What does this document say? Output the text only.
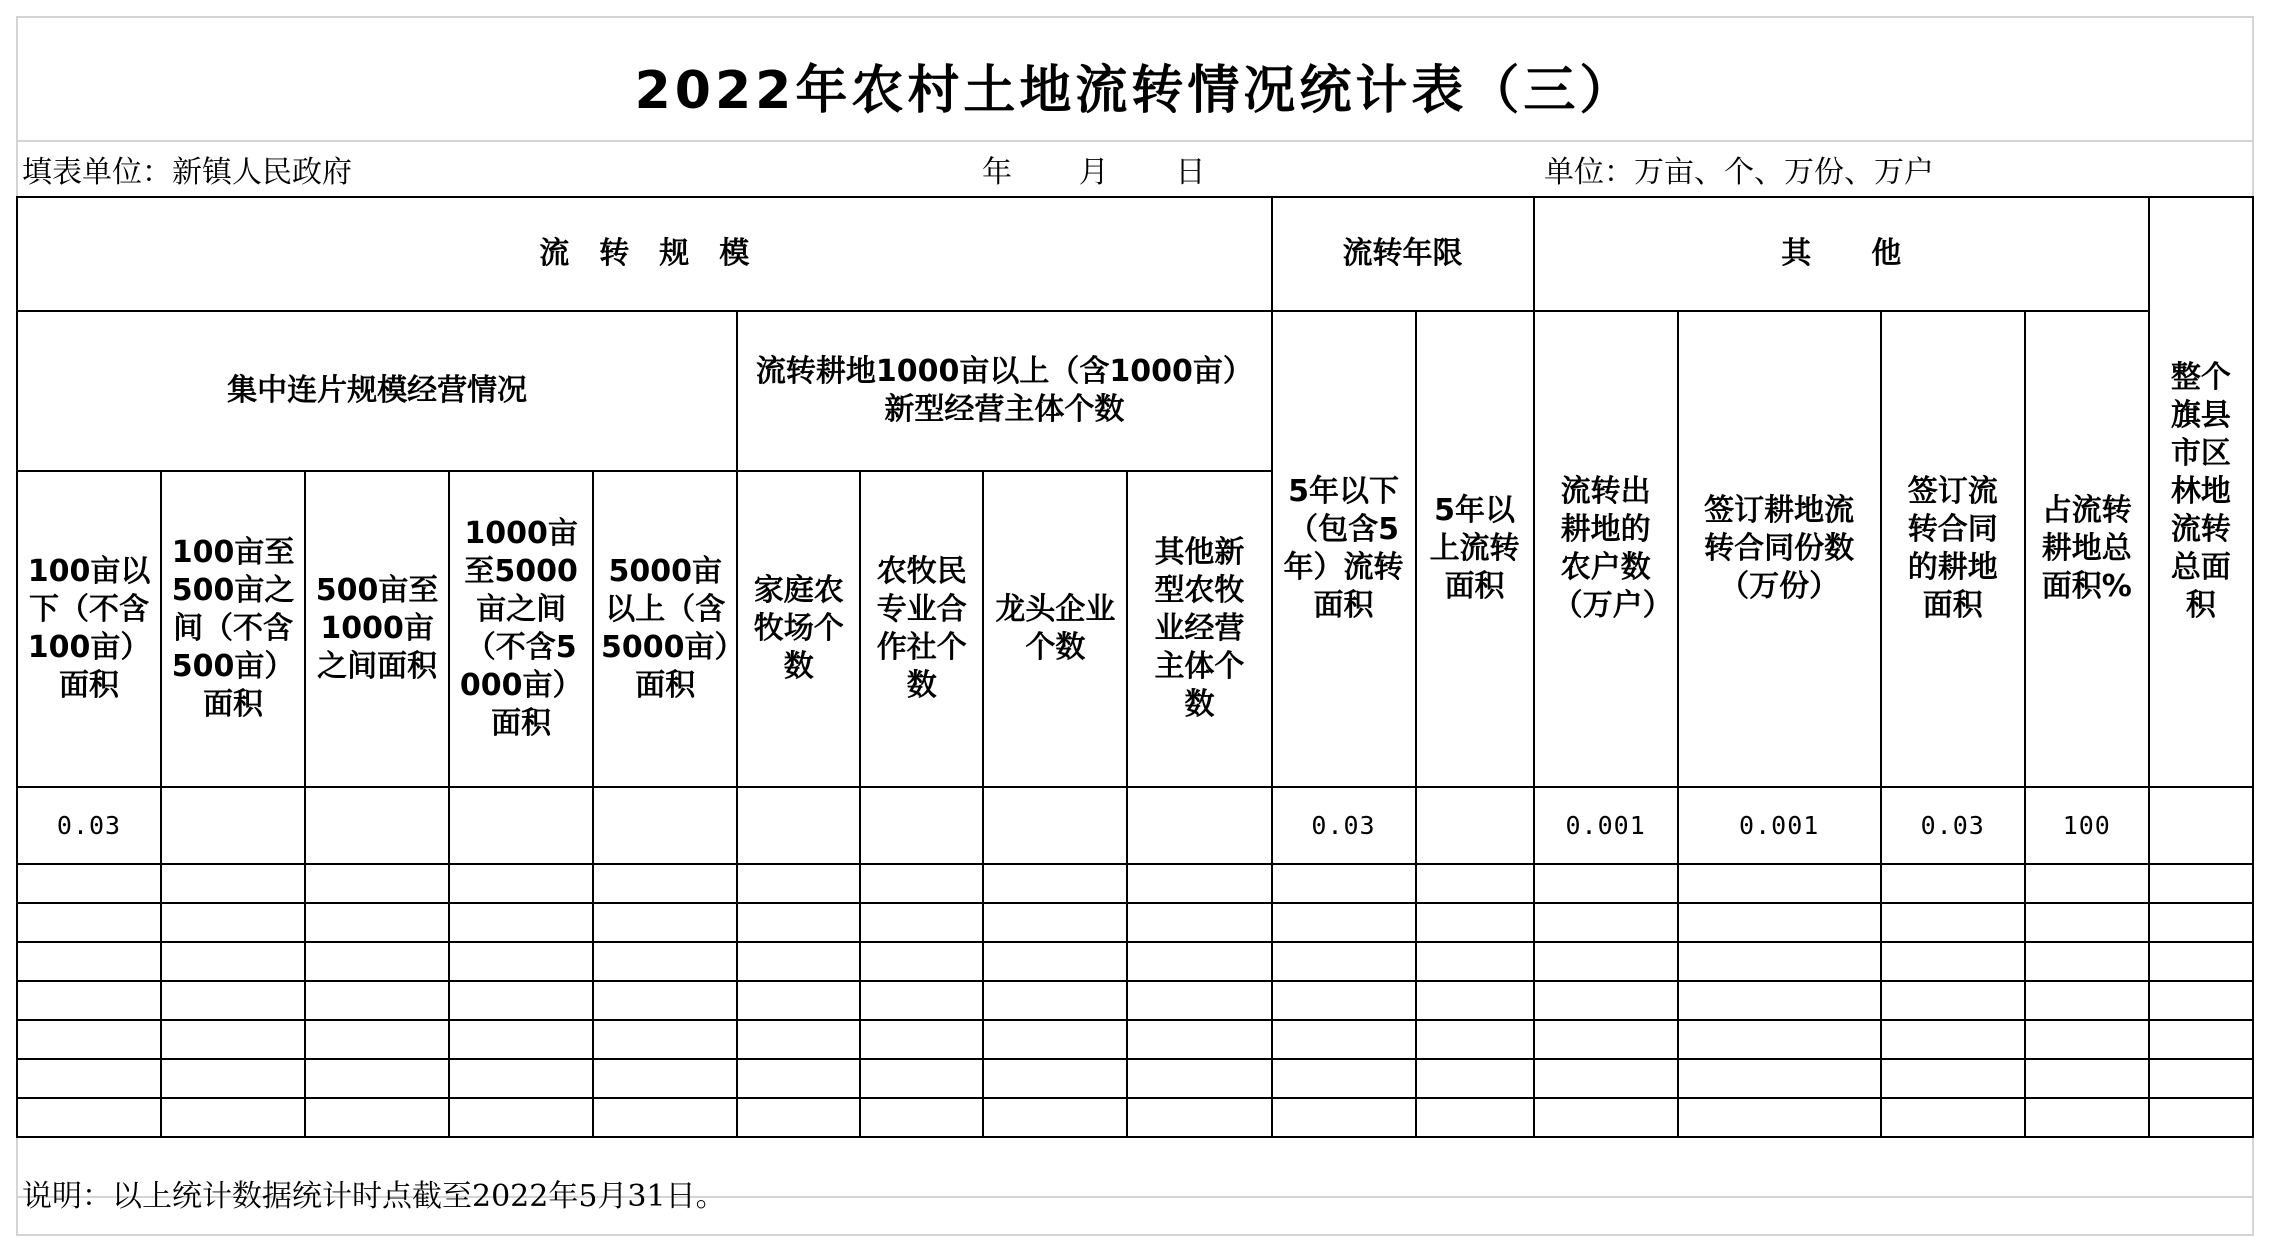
2022年农村土地流转情况统计表（三）
填表单位：新镇人民政府	年       月       日	单位：万亩、个、万份、万户
流转规模									流转年限		其他				整个旗县市区林地流转总面积
集中连片规模经营情况					流转耕地1000亩以上（含1000亩）新型经营主体个数				5年以下（包含5年）流转面积	5年以上流转面积	流转出耕地的农户数（万户）	签订耕地流转合同份数（万份）	签订流转合同的耕地面积	占流转耕地总面积%	
100亩以下（不含100亩）面积	100亩至500亩之间（不含500亩）面积	500亩至1000亩之间面积	1000亩至5000亩之间（不含5000亩）面积	5000亩以上（含5000亩）面积	家庭农牧场个数	农牧民专业合作社个数	龙头企业个数	其他新型农牧业经营主体个数							
0.03									0.03		0.001	0.001	0.03	100	

说明：以上统计数据统计时点截至2022年5月31日。
